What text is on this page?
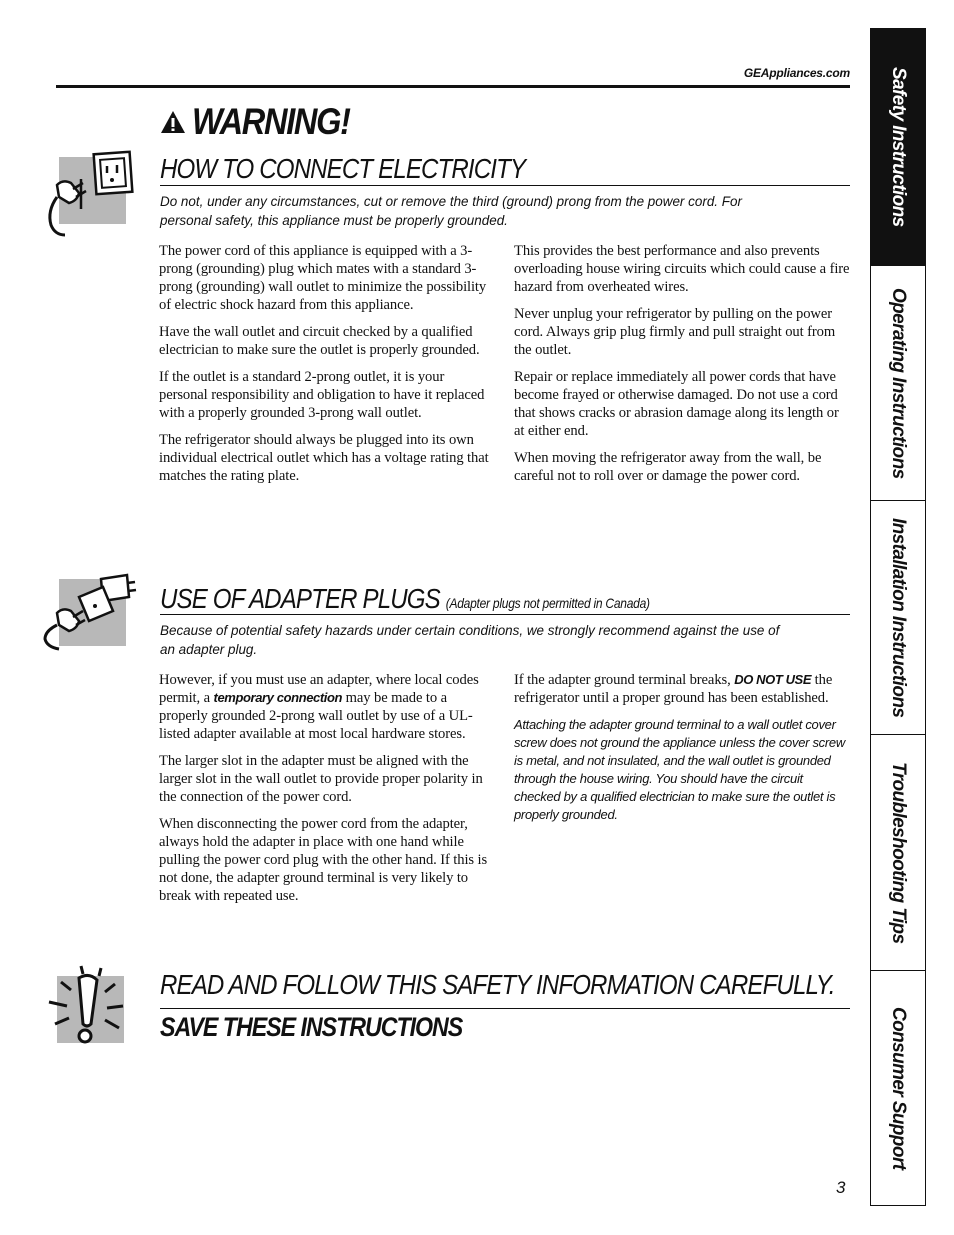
GEAppliances.com
WARNING!
HOW TO CONNECT ELECTRICITY
Do not, under any circumstances, cut or remove the third (ground) prong from the power cord. For personal safety, this appliance must be properly grounded.

The power cord of this appliance is equipped with a 3-prong (grounding) plug which mates with a standard 3-prong (grounding) wall outlet to minimize the possibility of electric shock hazard from this appliance.

Have the wall outlet and circuit checked by a qualified electrician to make sure the outlet is properly grounded.

If the outlet is a standard 2-prong outlet, it is your personal responsibility and obligation to have it replaced with a properly grounded 3-prong wall outlet.

The refrigerator should always be plugged into its own individual electrical outlet which has a voltage rating that matches the rating plate.

This provides the best performance and also prevents overloading house wiring circuits which could cause a fire hazard from overheated wires.

Never unplug your refrigerator by pulling on the power cord. Always grip plug firmly and pull straight out from the outlet.

Repair or replace immediately all power cords that have become frayed or otherwise damaged. Do not use a cord that shows cracks or abrasion damage along its length or at either end.

When moving the refrigerator away from the wall, be careful not to roll over or damage the power cord.

USE OF ADAPTER PLUGS (Adapter plugs not permitted in Canada)
Because of potential safety hazards under certain conditions, we strongly recommend against the use of an adapter plug.

However, if you must use an adapter, where local codes permit, a temporary connection may be made to a properly grounded 2-prong wall outlet by use of a UL-listed adapter available at most local hardware stores.

The larger slot in the adapter must be aligned with the larger slot in the wall outlet to provide proper polarity in the connection of the power cord.

When disconnecting the power cord from the adapter, always hold the adapter in place with one hand while pulling the power cord plug with the other hand. If this is not done, the adapter ground terminal is very likely to break with repeated use.

If the adapter ground terminal breaks, DO NOT USE the refrigerator until a proper ground has been established.

Attaching the adapter ground terminal to a wall outlet cover screw does not ground the appliance unless the cover screw is metal, and not insulated, and the wall outlet is grounded through the house wiring. You should have the circuit checked by a qualified electrician to make sure the outlet is properly grounded.

READ AND FOLLOW THIS SAFETY INFORMATION CAREFULLY.
SAVE THESE INSTRUCTIONS
3
Safety Instructions
Operating Instructions
Installation Instructions
Troubleshooting Tips
Consumer Support
